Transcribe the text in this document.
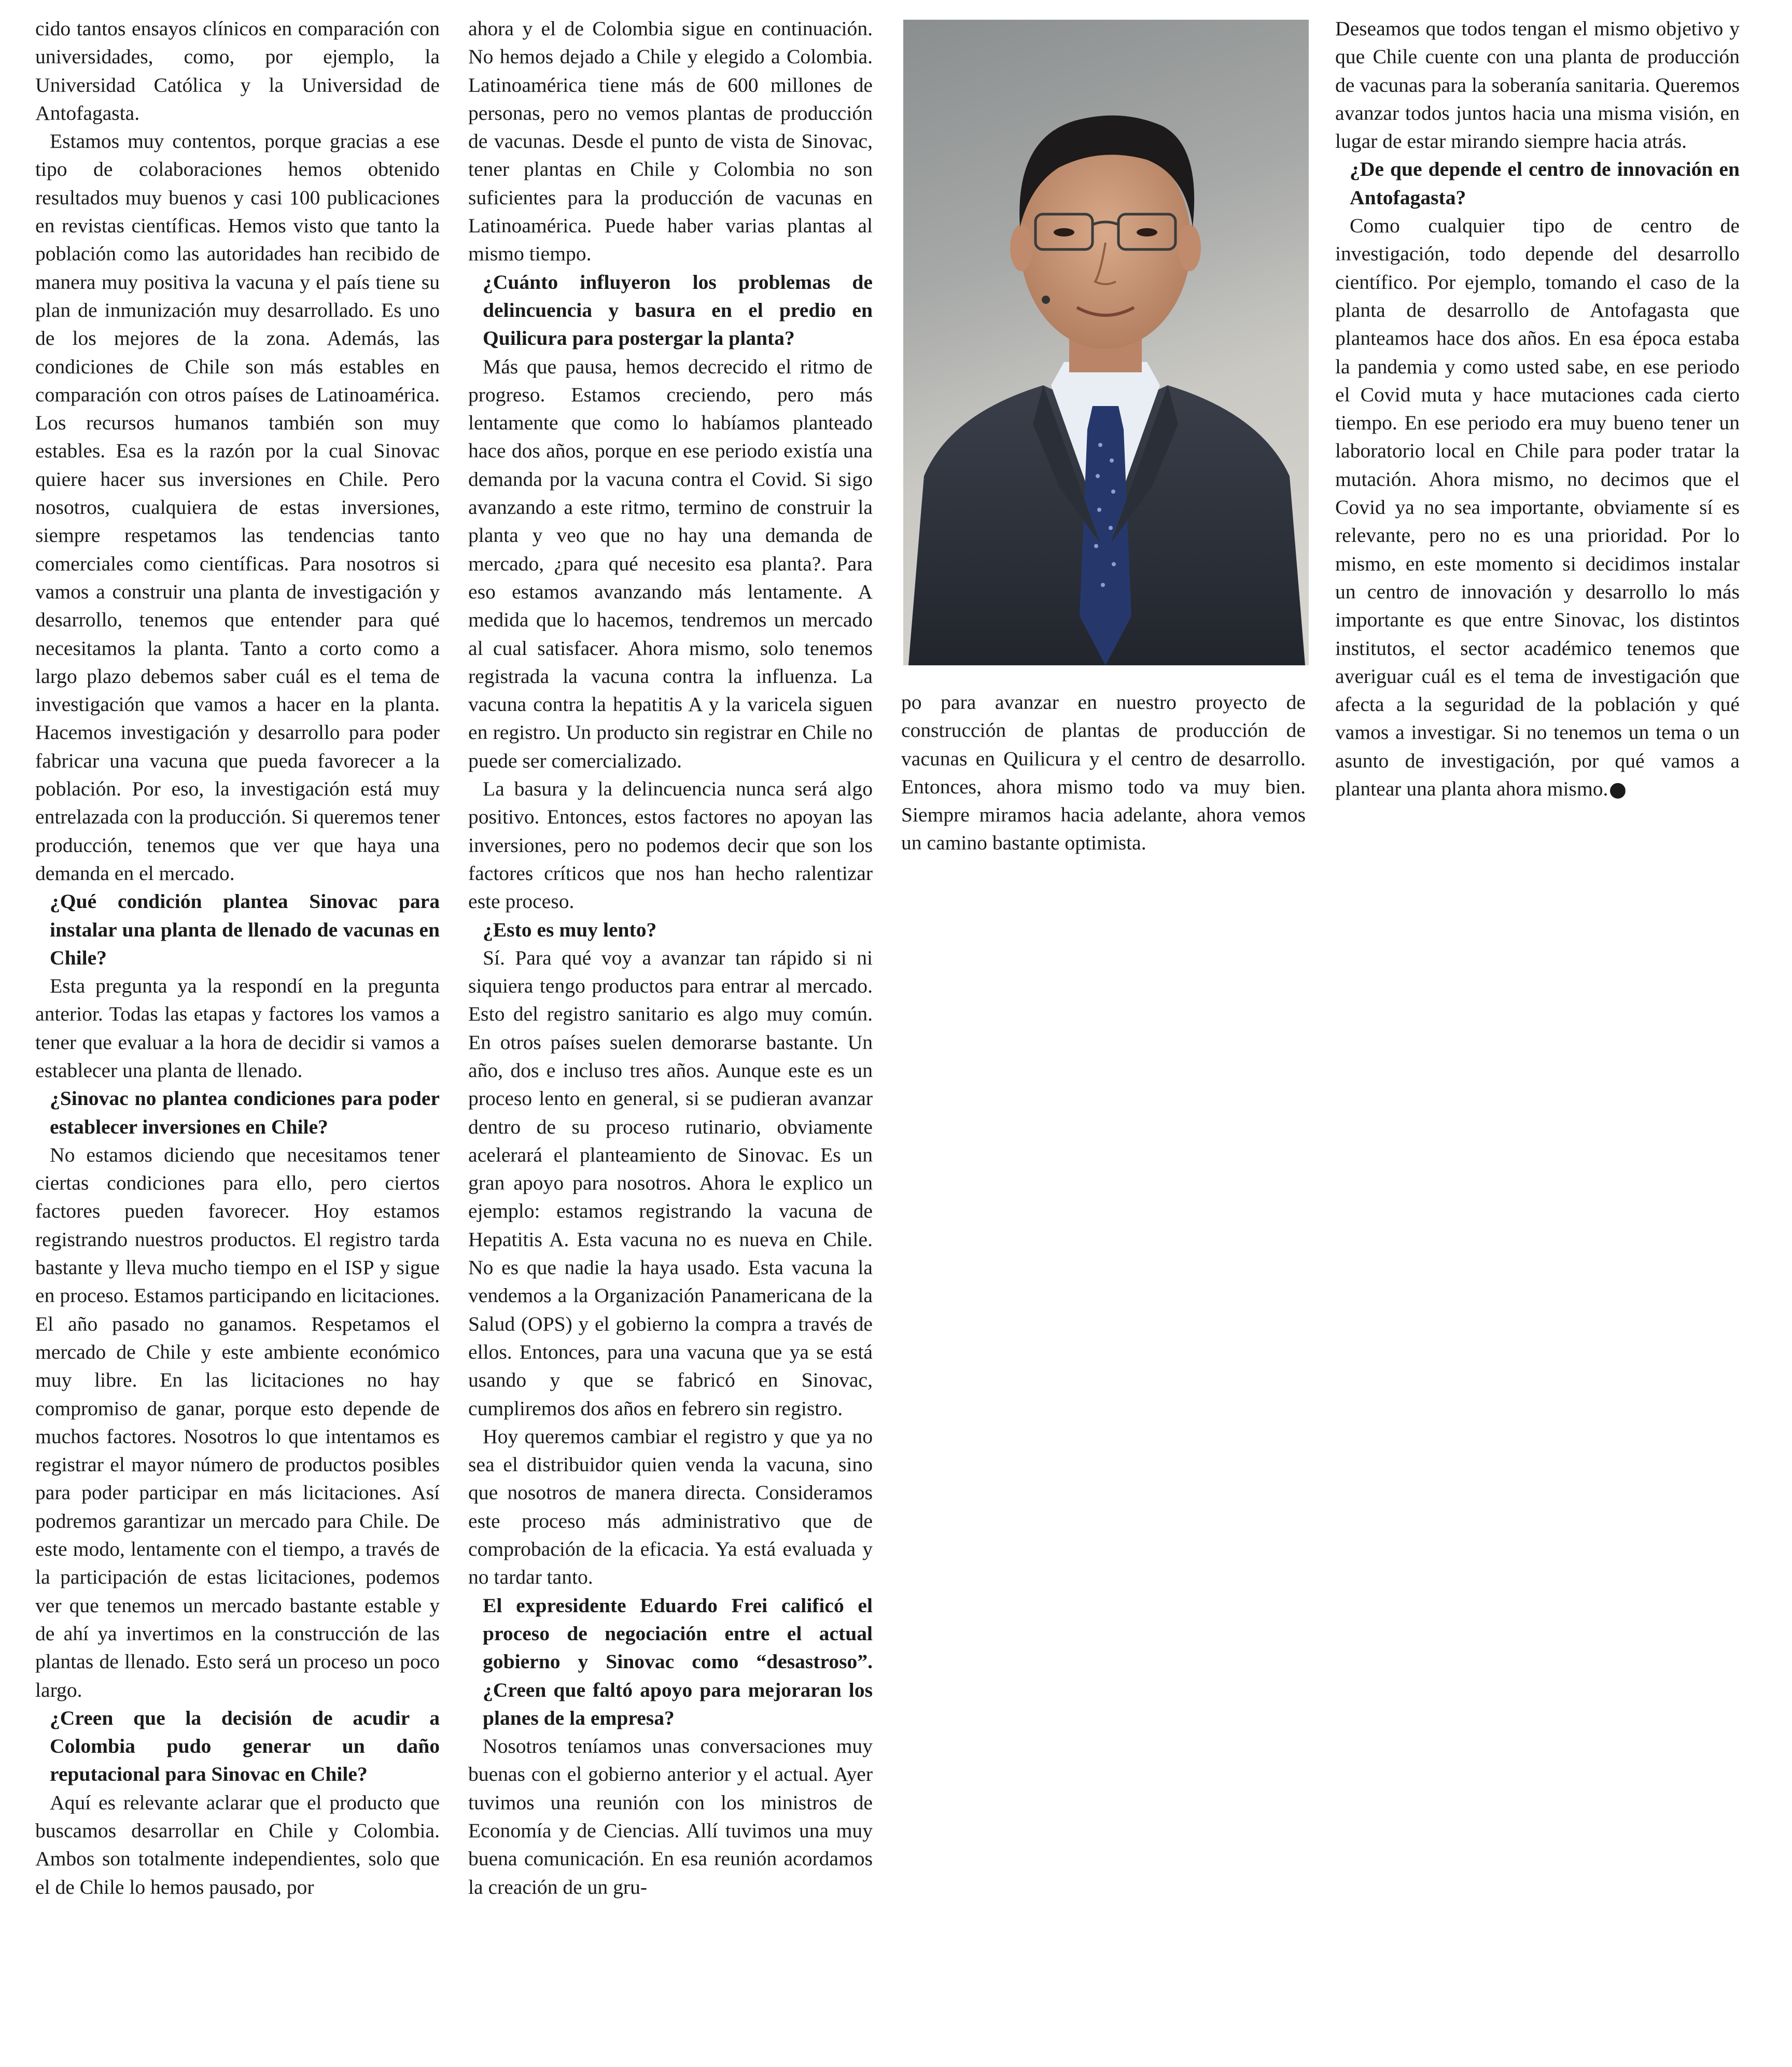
cido tantos ensayos clínicos en comparación con universidades, como, por ejemplo, la Universidad Católica y la Universidad de Antofagasta.

Estamos muy contentos, porque gracias a ese tipo de colaboraciones hemos obtenido resultados muy buenos y casi 100 publicaciones en revistas científicas. Hemos visto que tanto la población como las autoridades han recibido de manera muy positiva la vacuna y el país tiene su plan de inmunización muy desarrollado. Es uno de los mejores de la zona. Además, las condiciones de Chile son más estables en comparación con otros países de Latinoamérica. Los recursos humanos también son muy estables. Esa es la razón por la cual Sinovac quiere hacer sus inversiones en Chile. Pero nosotros, cualquiera de estas inversiones, siempre respetamos las tendencias tanto comerciales como científicas. Para nosotros si vamos a construir una planta de investigación y desarrollo, tenemos que entender para qué necesitamos la planta. Tanto a corto como a largo plazo debemos saber cuál es el tema de investigación que vamos a hacer en la planta. Hacemos investigación y desarrollo para poder fabricar una vacuna que pueda favorecer a la población. Por eso, la investigación está muy entrelazada con la producción. Si queremos tener producción, tenemos que ver que haya una demanda en el mercado.

¿Qué condición plantea Sinovac para instalar una planta de llenado de vacunas en Chile?

Esta pregunta ya la respondí en la pregunta anterior. Todas las etapas y factores los vamos a tener que evaluar a la hora de decidir si vamos a establecer una planta de llenado.

¿Sinovac no plantea condiciones para poder establecer inversiones en Chile?

No estamos diciendo que necesitamos tener ciertas condiciones para ello, pero ciertos factores pueden favorecer. Hoy estamos registrando nuestros productos. El registro tarda bastante y lleva mucho tiempo en el ISP y sigue en proceso. Estamos participando en licitaciones. El año pasado no ganamos. Respetamos el mercado de Chile y este ambiente económico muy libre. En las licitaciones no hay compromiso de ganar, porque esto depende de muchos factores. Nosotros lo que intentamos es registrar el mayor número de productos posibles para poder participar en más licitaciones. Así podremos garantizar un mercado para Chile. De este modo, lentamente con el tiempo, a través de la participación de estas licitaciones, podemos ver que tenemos un mercado bastante estable y de ahí ya invertimos en la construcción de las plantas de llenado. Esto será un proceso un poco largo.

¿Creen que la decisión de acudir a Colombia pudo generar un daño reputacional para Sinovac en Chile?

Aquí es relevante aclarar que el producto que buscamos desarrollar en Chile y Colombia. Ambos son totalmente independientes, solo que el de Chile lo hemos pausado, por

ahora y el de Colombia sigue en continuación. No hemos dejado a Chile y elegido a Colombia. Latinoamérica tiene más de 600 millones de personas, pero no vemos plantas de producción de vacunas. Desde el punto de vista de Sinovac, tener plantas en Chile y Colombia no son suficientes para la producción de vacunas en Latinoamérica. Puede haber varias plantas al mismo tiempo.

¿Cuánto influyeron los problemas de delincuencia y basura en el predio en Quilicura para postergar la planta?

Más que pausa, hemos decrecido el ritmo de progreso. Estamos creciendo, pero más lentamente que como lo habíamos planteado hace dos años, porque en ese periodo existía una demanda por la vacuna contra el Covid. Si sigo avanzando a este ritmo, termino de construir la planta y veo que no hay una demanda de mercado, ¿para qué necesito esa planta?. Para eso estamos avanzando más lentamente. A medida que lo hacemos, tendremos un mercado al cual satisfacer. Ahora mismo, solo tenemos registrada la vacuna contra la influenza. La vacuna contra la hepatitis A y la varicela siguen en registro. Un producto sin registrar en Chile no puede ser comercializado.

La basura y la delincuencia nunca será algo positivo. Entonces, estos factores no apoyan las inversiones, pero no podemos decir que son los factores críticos que nos han hecho ralentizar este proceso.

¿Esto es muy lento?

Sí. Para qué voy a avanzar tan rápido si ni siquiera tengo productos para entrar al mercado. Esto del registro sanitario es algo muy común. En otros países suelen demorarse bastante. Un año, dos e incluso tres años. Aunque este es un proceso lento en general, si se pudieran avanzar dentro de su proceso rutinario, obviamente acelerará el planteamiento de Sinovac. Es un gran apoyo para nosotros. Ahora le explico un ejemplo: estamos registrando la vacuna de Hepatitis A. Esta vacuna no es nueva en Chile. No es que nadie la haya usado. Esta vacuna la vendemos a la Organización Panamericana de la Salud (OPS) y el gobierno la compra a través de ellos. Entonces, para una vacuna que ya se está usando y que se fabricó en Sinovac, cumpliremos dos años en febrero sin registro.

Hoy queremos cambiar el registro y que ya no sea el distribuidor quien venda la vacuna, sino que nosotros de manera directa. Consideramos este proceso más administrativo que de comprobación de la eficacia. Ya está evaluada y no tardar tanto.

El expresidente Eduardo Frei calificó el proceso de negociación entre el actual gobierno y Sinovac como “desastroso”. ¿Creen que faltó apoyo para mejoraran los planes de la empresa?

Nosotros teníamos unas conversaciones muy buenas con el gobierno anterior y el actual. Ayer tuvimos una reunión con los ministros de Economía y de Ciencias. Allí tuvimos una muy buena comunicación. En esa reunión acordamos la creación de un gru-

po para avanzar en nuestro proyecto de construcción de plantas de producción de vacunas en Quilicura y el centro de desarrollo. Entonces, ahora mismo todo va muy bien. Siempre miramos hacia adelante, ahora vemos un camino bastante optimista.

Deseamos que todos tengan el mismo objetivo y que Chile cuente con una planta de producción de vacunas para la soberanía sanitaria. Queremos avanzar todos juntos hacia una misma visión, en lugar de estar mirando siempre hacia atrás.

¿De que depende el centro de innovación en Antofagasta?

Como cualquier tipo de centro de investigación, todo depende del desarrollo científico. Por ejemplo, tomando el caso de la planta de desarrollo de Antofagasta que planteamos hace dos años. En esa época estaba la pandemia y como usted sabe, en ese periodo el Covid muta y hace mutaciones cada cierto tiempo. En ese periodo era muy bueno tener un laboratorio local en Chile para poder tratar la mutación. Ahora mismo, no decimos que el Covid ya no sea importante, obviamente sí es relevante, pero no es una prioridad. Por lo mismo, en este momento si decidimos instalar un centro de innovación y desarrollo lo más importante es que entre Sinovac, los distintos institutos, el sector académico tenemos que averiguar cuál es el tema de investigación que afecta a la seguridad de la población y qué vamos a investigar. Si no tenemos un tema o un asunto de investigación, por qué vamos a plantear una planta ahora mismo. P
